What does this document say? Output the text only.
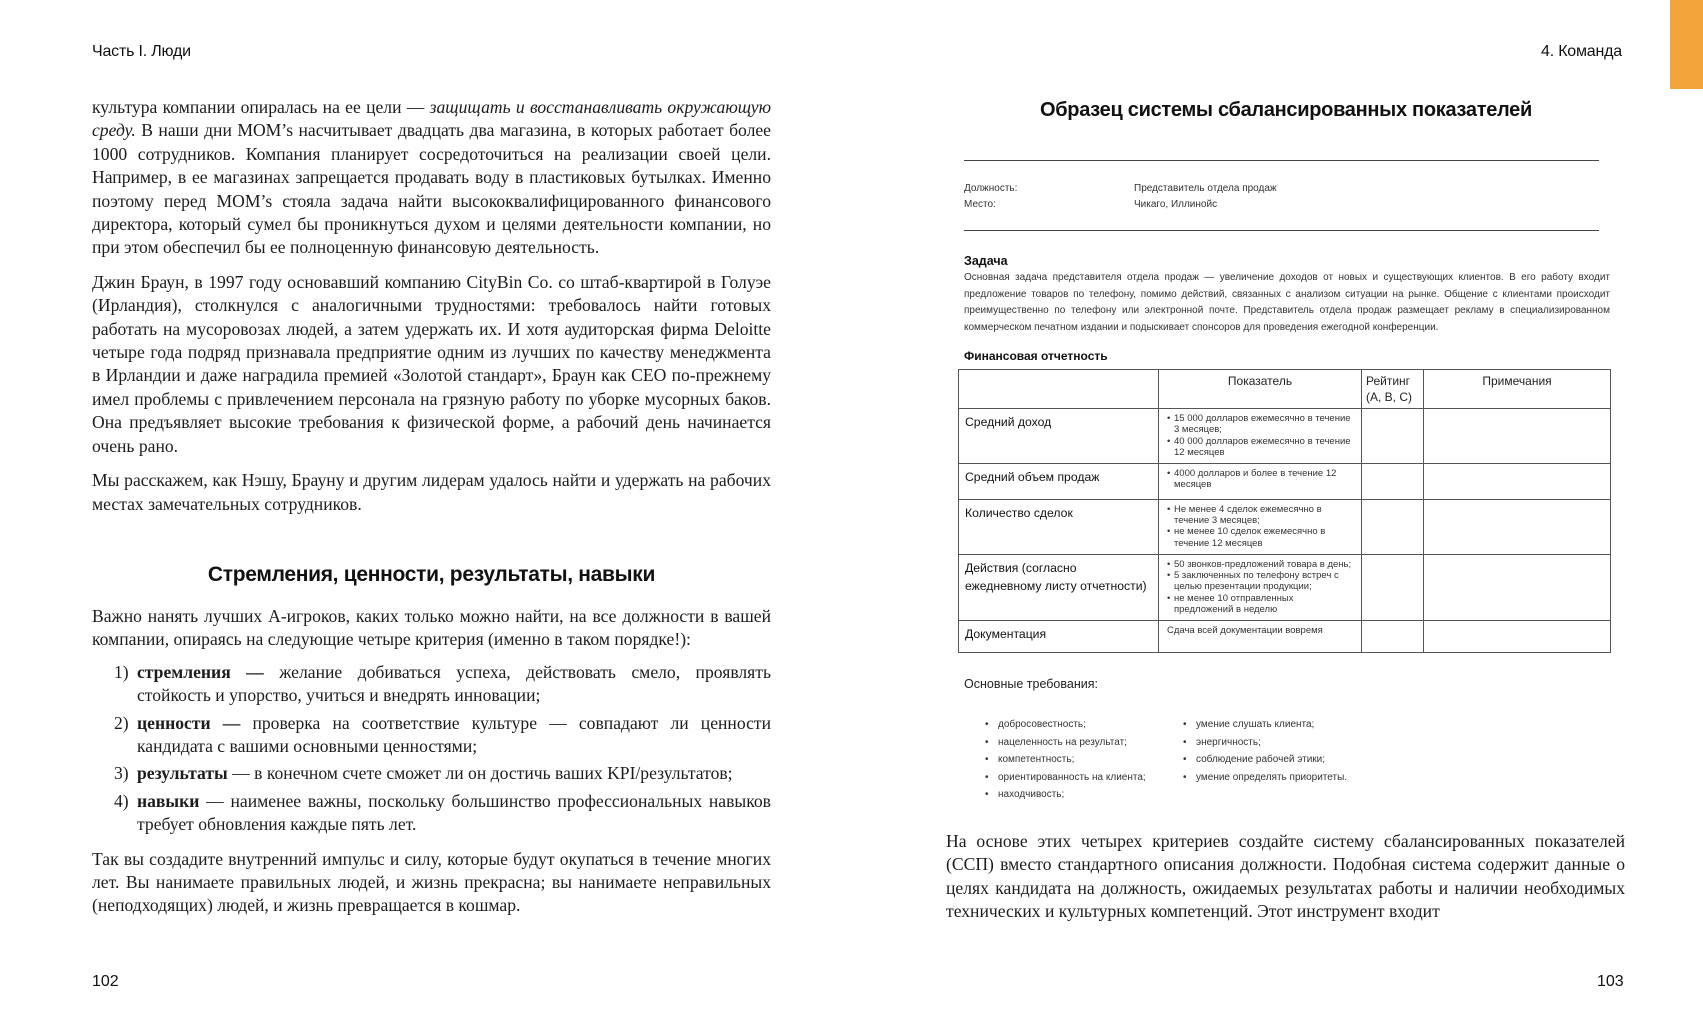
Часть I. Люди

культура компании опиралась на ее цели — защищать и восстанавливать окружающую среду. В наши дни MOM’s насчитывает двадцать два магазина, в которых работает более 1000 сотрудников. Компания планирует сосредоточиться на реализации своей цели. Например, в ее магазинах запрещается продавать воду в пластиковых бутылках. Именно поэтому перед MOM’s стояла задача найти высококвалифицированного финансового директора, который сумел бы проникнуться духом и целями деятельности компании, но при этом обеспечил бы ее полноценную финансовую деятельность.

Джин Браун, в 1997 году основавший компанию CityBin Co. со штаб-квартирой в Голуэе (Ирландия), столкнулся с аналогичными трудностями: требовалось найти готовых работать на мусоровозах людей, а затем удержать их. И хотя аудиторская фирма Deloitte четыре года подряд признавала предприятие одним из лучших по качеству менеджмента в Ирландии и даже наградила премией «Золотой стандарт», Браун как CEO по-прежнему имел проблемы с привлечением персонала на грязную работу по уборке мусорных баков. Она предъявляет высокие требования к физической форме, а рабочий день начинается очень рано.

Мы расскажем, как Нэшу, Брауну и другим лидерам удалось найти и удержать на рабочих местах замечательных сотрудников.

Стремления, ценности, результаты, навыки

Важно нанять лучших А-игроков, каких только можно найти, на все должности в вашей компании, опираясь на следующие четыре критерия (именно в таком порядке!):

1) стремления — желание добиваться успеха, действовать смело, проявлять стойкость и упорство, учиться и внедрять инновации;
2) ценности — проверка на соответствие культуре — совпадают ли ценности кандидата с вашими основными ценностями;
3) результаты — в конечном счете сможет ли он достичь ваших KPI/результатов;
4) навыки — наименее важны, поскольку большинство профессиональных навыков требует обновления каждые пять лет.

Так вы создадите внутренний импульс и силу, которые будут окупаться в течение многих лет. Вы нанимаете правильных людей, и жизнь прекрасна; вы нанимаете неправильных (неподходящих) людей, и жизнь превращается в кошмар.

102
4. Команда
Образец системы сбалансированных показателей
Должность:	Представитель отдела продаж
Место:	Чикаго, Иллинойс
Задача
Основная задача представителя отдела продаж — увеличение доходов от новых и существующих клиентов. В его работу входит предложение товаров по телефону, помимо действий, связанных с анализом ситуации на рынке. Общение с клиентами происходит преимущественно по телефону или электронной почте. Представитель отдела продаж размещает рекламу в специализированном коммерческом печатном издании и подыскивает спонсоров для проведения ежегодной конференции.
Финансовая отчетность
	Показатель	Рейтинг (A, B, C)	Примечания
Средний доход	• 15 000 долларов ежемесячно в течение 3 месяцев;
• 40 000 долларов ежемесячно в течение 12 месяцев

Средний объем продаж	• 4000 долларов и более в течение 12 месяцев

Количество сделок	• Не менее 4 сделок ежемесячно в течение 3 месяцев;
• не менее 10 сделок ежемесячно в течение 12 месяцев

Действия (согласно ежедневному листу отчетности)	• 50 звонков-предложений товара в день;
• 5 заключенных по телефону встреч с целью презентации продукции;
• не менее 10 отправленных предложений в неделю

Документация	Сдача всей документации вовремя		

Основные требования:
• добросовестность;
• нацеленность на результат;
• компетентность;
• ориентированность на клиента;
• находчивость;
• умение слушать клиента;
• энергичность;
• соблюдение рабочей этики;
• умение определять приоритеты.

На основе этих четырех критериев создайте систему сбалансированных показателей (ССП) вместо стандартного описания должности. Подобная система содержит данные о целях кандидата на должность, ожидаемых результатах работы и наличии необходимых технических и культурных компетенций. Этот инструмент входит

103
